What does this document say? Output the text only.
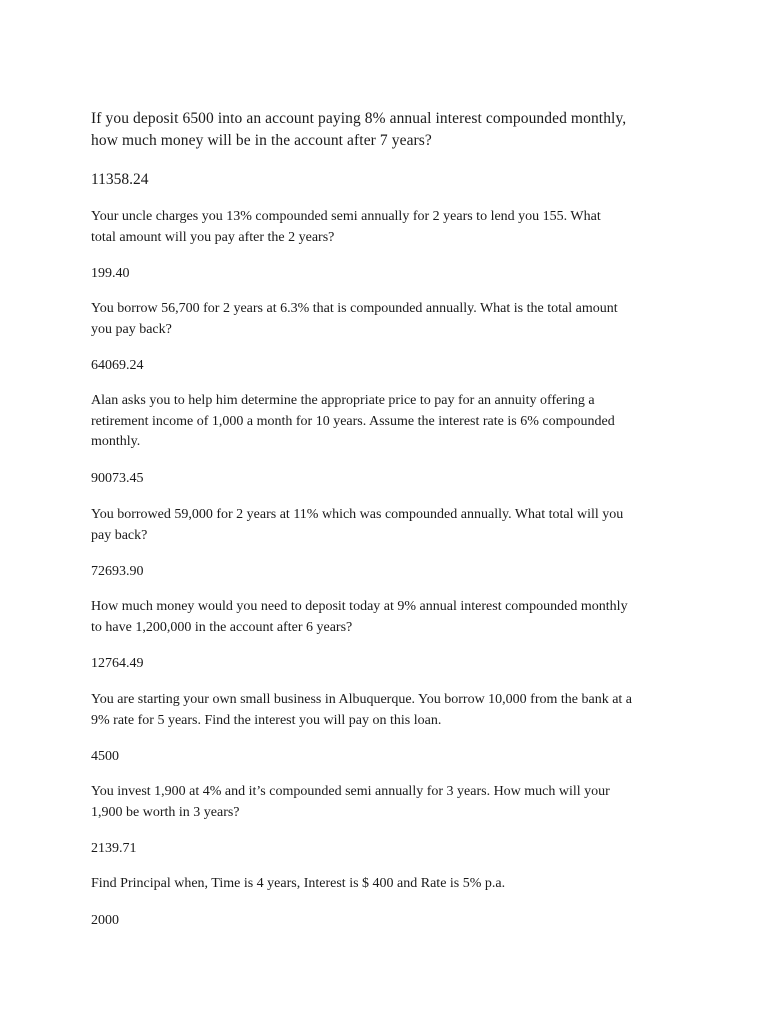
If you deposit 6500 into an account paying 8% annual interest compounded monthly,
how much money will be in the account after 7 years?
11358.24
Your uncle charges you 13% compounded semi annually for 2 years to lend you 155. What
total amount will you pay after the 2 years?
199.40
You borrow 56,700 for 2 years at 6.3% that is compounded annually. What is the total amount
you pay back?
64069.24
Alan asks you to help him determine the appropriate price to pay for an annuity offering a
retirement income of 1,000 a month for 10 years. Assume the interest rate is 6% compounded
monthly.
90073.45
You borrowed 59,000 for 2 years at 11% which was compounded annually. What total will you
pay back?
72693.90
How much money would you need to deposit today at 9% annual interest compounded monthly
to have 1,200,000 in the account after 6 years?
12764.49
You are starting your own small business in Albuquerque. You borrow 10,000 from the bank at a
9% rate for 5 years. Find the interest you will pay on this loan.
4500
You invest 1,900 at 4% and it’s compounded semi annually for 3 years. How much will your
1,900 be worth in 3 years?
2139.71
Find Principal when, Time is 4 years, Interest is $ 400 and Rate is 5% p.a.
2000
